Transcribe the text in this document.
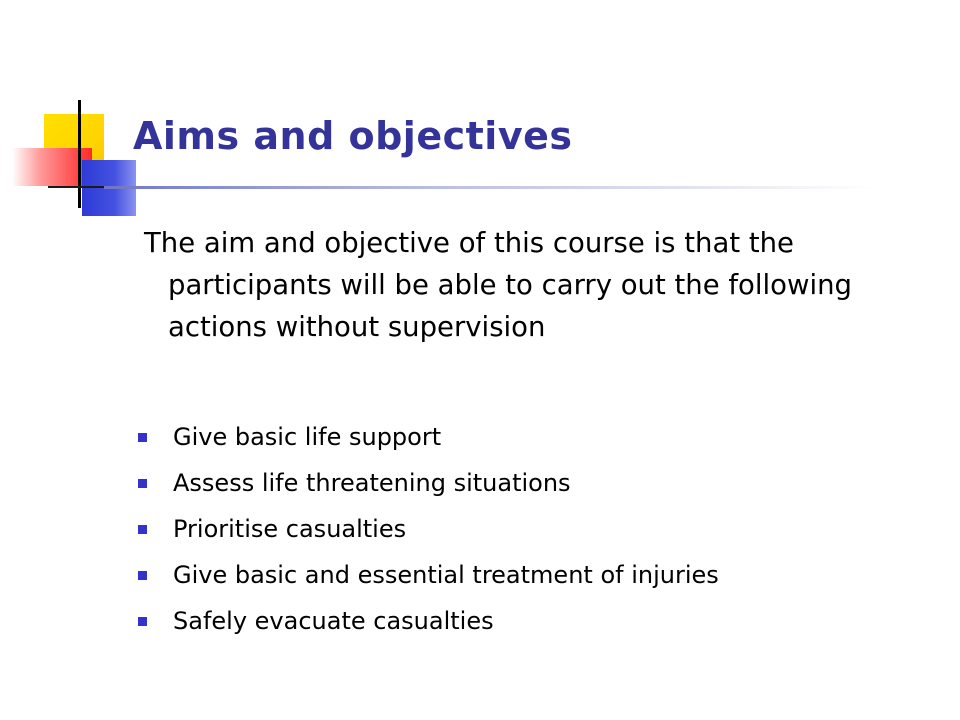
Aims and objectives

The aim and objective of this course is that the participants will be able to carry out the following actions without supervision

Give basic life support
Assess life threatening situations
Prioritise casualties
Give basic and essential treatment of injuries
Safely evacuate casualties
